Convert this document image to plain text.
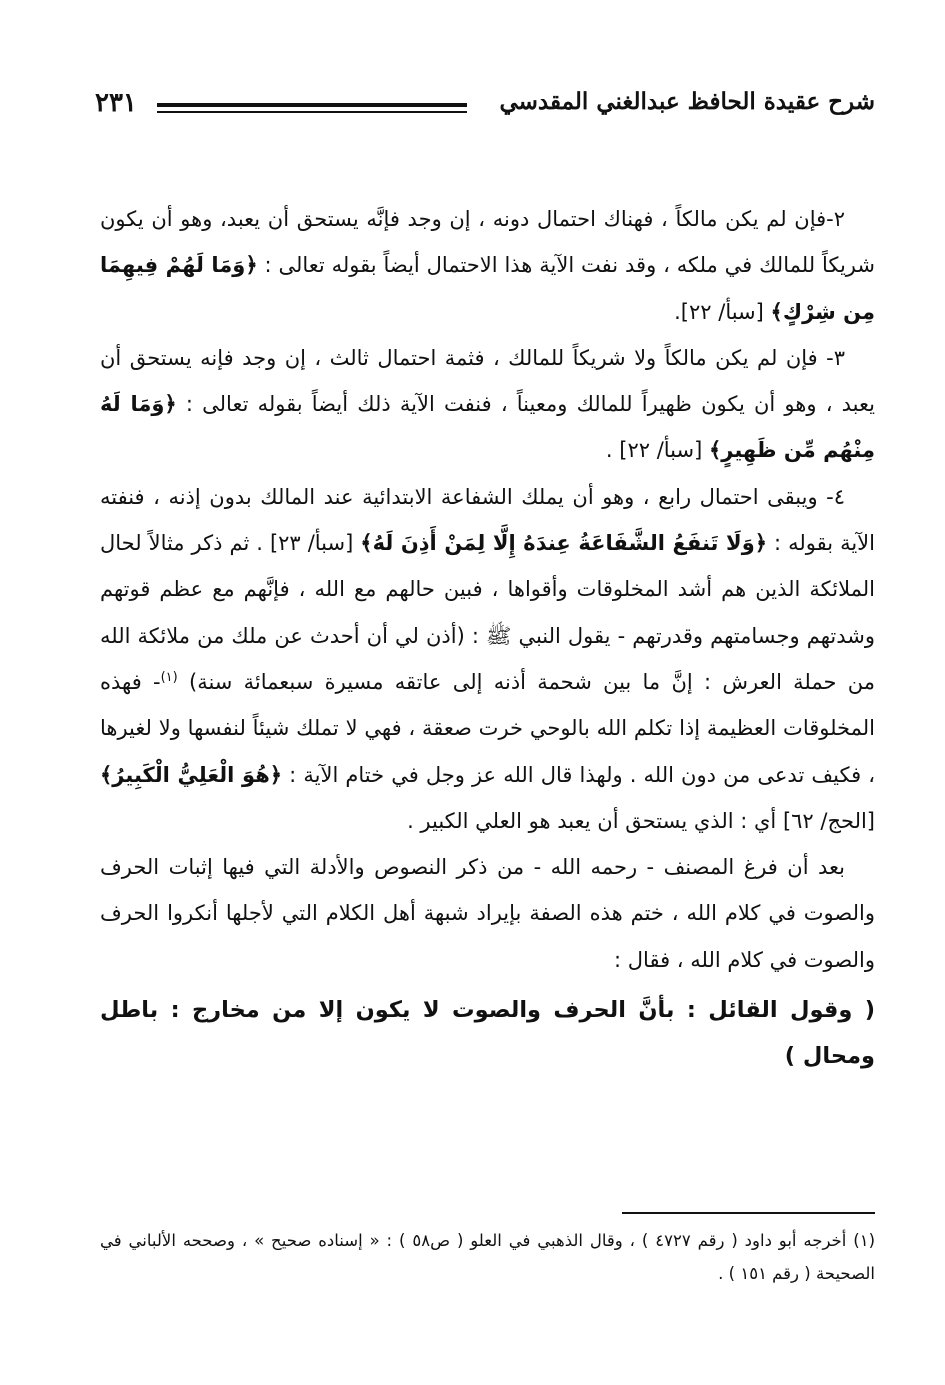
شرح عقيدة الحافظ عبدالغني المقدسي
٢٣١

٢-فإن لم يكن مالكاً ، فهناك احتمال دونه ، إن وجد فإنَّه يستحق أن يعبد، وهو أن يكون شريكاً للمالك في ملكه ، وقد نفت الآية هذا الاحتمال أيضاً بقوله تعالى : ﴿وَمَا لَهُمْ فِيهِمَا مِن شِرْكٍ﴾ [سبأ/ ٢٢].

٣- فإن لم يكن مالكاً ولا شريكاً للمالك ، فثمة احتمال ثالث ، إن وجد فإنه يستحق أن يعبد ، وهو أن يكون ظهيراً للمالك ومعيناً ، فنفت الآية ذلك أيضاً بقوله تعالى : ﴿وَمَا لَهُ مِنْهُم مِّن ظَهِيرٍ﴾ [سبأ/ ٢٢] .

٤- ويبقى احتمال رابع ، وهو أن يملك الشفاعة الابتدائية عند المالك بدون إذنه ، فنفته الآية بقوله : ﴿وَلَا تَنفَعُ الشَّفَاعَةُ عِندَهُ إِلَّا لِمَنْ أَذِنَ لَهُ﴾ [سبأ/ ٢٣] . ثم ذكر مثالاً لحال الملائكة الذين هم أشد المخلوقات وأقواها ، فبين حالهم مع الله ، فإنَّهم مع عظم قوتهم وشدتهم وجسامتهم وقدرتهم - يقول النبي ﷺ : (أذن لي أن أحدث عن ملك من ملائكة الله من حملة العرش : إنَّ ما بين شحمة أذنه إلى عاتقه مسيرة سبعمائة سنة) $^{(١)}$- فهذه المخلوقات العظيمة إذا تكلم الله بالوحي خرت صعقة ، فهي لا تملك شيئاً لنفسها ولا لغيرها ، فكيف تدعى من دون الله . ولهذا قال الله عز وجل في ختام الآية : ﴿هُوَ الْعَلِيُّ الْكَبِيرُ﴾ [الحج/ ٦٢] أي : الذي يستحق أن يعبد هو العلي الكبير .

بعد أن فرغ المصنف - رحمه الله - من ذكر النصوص والأدلة التي فيها إثبات الحرف والصوت في كلام الله ، ختم هذه الصفة بإيراد شبهة أهل الكلام التي لأجلها أنكروا الحرف والصوت في كلام الله ، فقال :

( وقول القائل : بأنَّ الحرف والصوت لا يكون إلا من مخارج : باطل ومحال )

(١) أخرجه أبو داود ( رقم ٤٧٢٧ ) ، وقال الذهبي في العلو ( ص٥٨ ) : « إسناده صحيح » ، وصححه الألباني في الصحيحة ( رقم ١٥١ ) .
